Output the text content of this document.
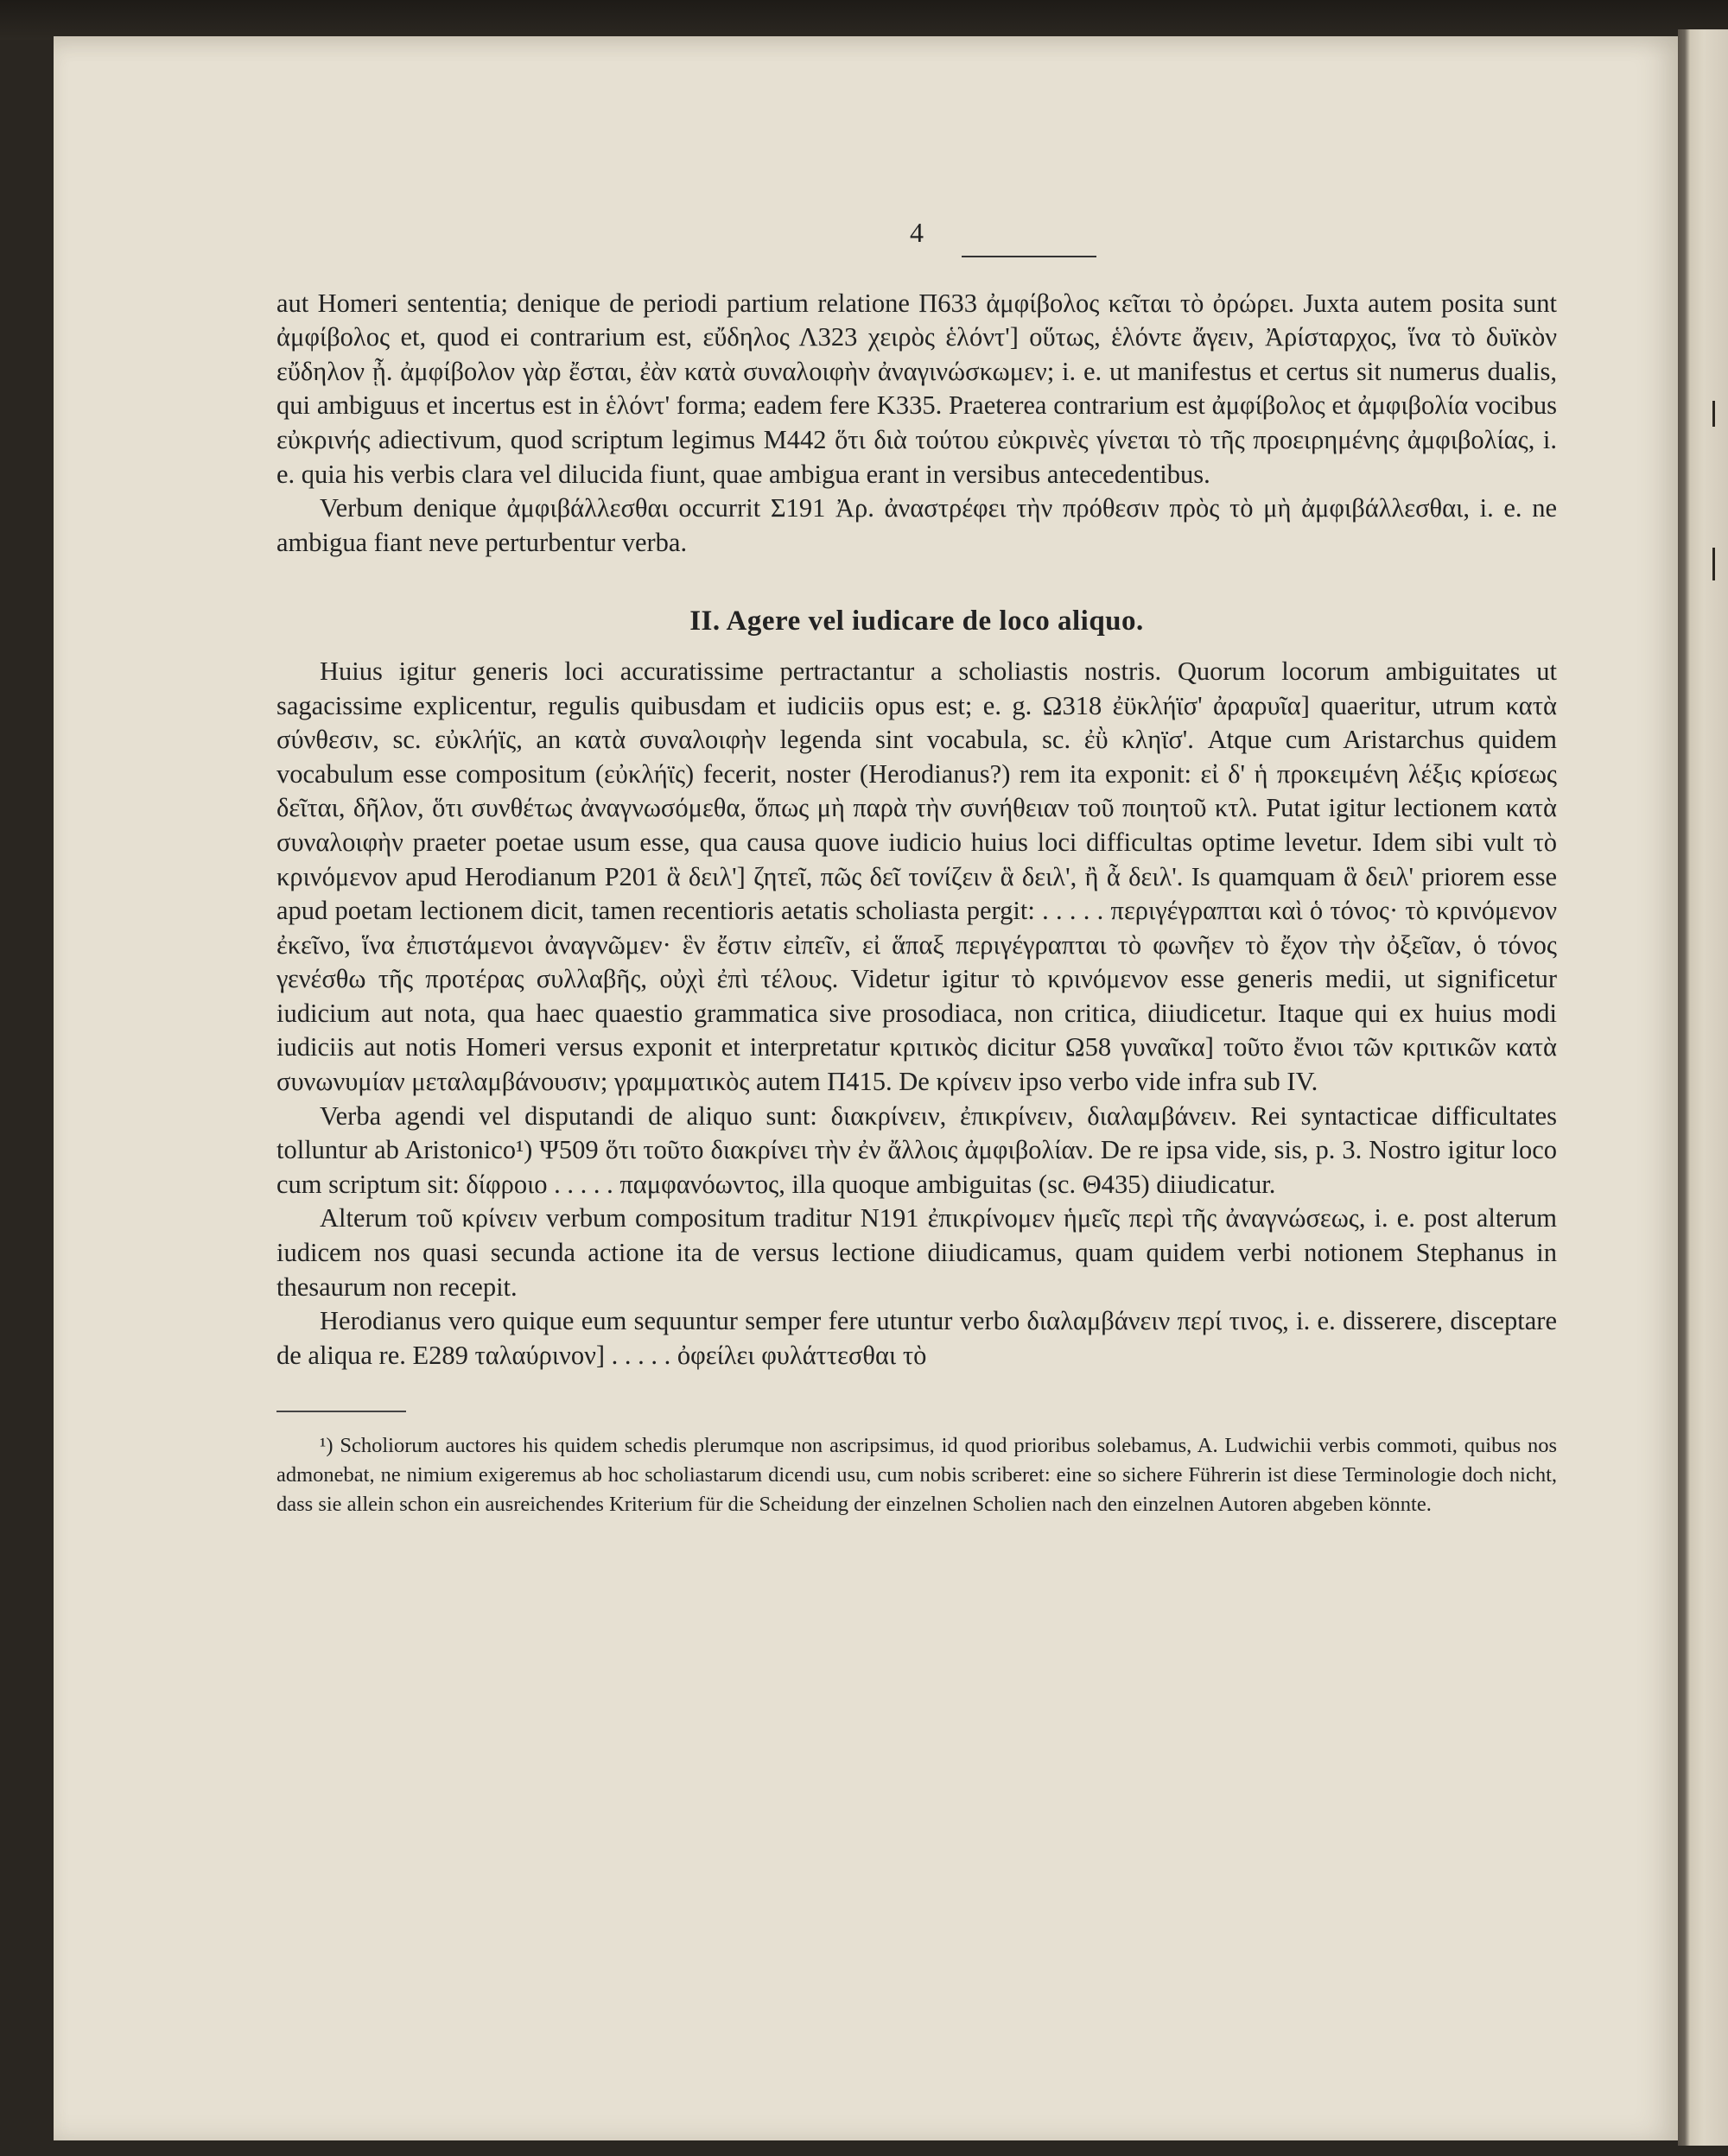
4

aut Homeri sententia; denique de periodi partium relatione Π633 ἀμφίβολος κεῖται τὸ ὀρώρει. Juxta autem posita sunt ἀμφίβολος et, quod ei contrarium est, εὔδηλος Λ323 χειρὸς ἑλόντ'] οὕτως, ἑλόντε ἄγειν, Ἀρίσταρχος, ἵνα τὸ δυϊκὸν εὔδηλον ᾖ. ἀμφίβολον γὰρ ἔσται, ἐὰν κατὰ συναλοιφὴν ἀναγινώσκωμεν; i. e. ut manifestus et certus sit numerus dualis, qui ambiguus et incertus est in ἑλόντ' forma; eadem fere K335. Praeterea contrarium est ἀμφίβολος et ἀμφιβολία vocibus εὐκρινής adiectivum, quod scriptum legimus M442 ὅτι διὰ τούτου εὐκρινὲς γίνεται τὸ τῆς προειρημένης ἀμφιβολίας, i. e. quia his verbis clara vel dilucida fiunt, quae ambigua erant in versibus antecedentibus.

Verbum denique ἀμφιβάλλεσθαι occurrit Σ191 Ἀρ. ἀναστρέφει τὴν πρόθεσιν πρὸς τὸ μὴ ἀμφιβάλλεσθαι, i. e. ne ambigua fiant neve perturbentur verba.

II. Agere vel iudicare de loco aliquo.

Huius igitur generis loci accuratissime pertractantur a scholiastis nostris. Quorum locorum ambiguitates ut sagacissime explicentur, regulis quibusdam et iudiciis opus est; e. g. Ω318 ἐϋκλήϊσ' ἀραρυῖα] quaeritur, utrum κατὰ σύνθεσιν, sc. εὐκλήϊς, an κατὰ συναλοιφὴν legenda sint vocabula, sc. ἐῢ κληϊσ'. Atque cum Aristarchus quidem vocabulum esse compositum (εὐκλήϊς) fecerit, noster (Herodianus?) rem ita exponit: εἰ δ' ἡ προκειμένη λέξις κρίσεως δεῖται, δῆλον, ὅτι συνθέτως ἀναγνωσόμεθα, ὅπως μὴ παρὰ τὴν συνήθειαν τοῦ ποιητοῦ κτλ. Putat igitur lectionem κατὰ συναλοιφὴν praeter poetae usum esse, qua causa quove iudicio huius loci difficultas optime levetur. Idem sibi vult τὸ κρινόμενον apud Herodianum P201 ἃ δειλ'] ζητεῖ, πῶς δεῖ τονίζειν ἃ δειλ', ἢ ἆ δειλ'. Is quamquam ἃ δειλ' priorem esse apud poetam lectionem dicit, tamen recentioris aetatis scholiasta pergit: . . . . . περιγέγραπται καὶ ὁ τόνος· τὸ κρινόμενον ἐκεῖνο, ἵνα ἐπιστάμενοι ἀναγνῶμεν· ἓν ἔστιν εἰπεῖν, εἰ ἅπαξ περιγέγραπται τὸ φωνῆεν τὸ ἔχον τὴν ὀξεῖαν, ὁ τόνος γενέσθω τῆς προτέρας συλλαβῆς, οὐχὶ ἐπὶ τέλους. Videtur igitur τὸ κρινόμενον esse generis medii, ut significetur iudicium aut nota, qua haec quaestio grammatica sive prosodiaca, non critica, diiudicetur. Itaque qui ex huius modi iudiciis aut notis Homeri versus exponit et interpretatur κριτικὸς dicitur Ω58 γυναῖκα] τοῦτο ἔνιοι τῶν κριτικῶν κατὰ συνωνυμίαν μεταλαμβάνουσιν; γραμματικὸς autem Π415. De κρίνειν ipso verbo vide infra sub IV.

Verba agendi vel disputandi de aliquo sunt: διακρίνειν, ἐπικρίνειν, διαλαμβάνειν. Rei syntacticae difficultates tolluntur ab Aristonico¹) Ψ509 ὅτι τοῦτο διακρίνει τὴν ἐν ἄλλοις ἀμφιβολίαν. De re ipsa vide, sis, p. 3. Nostro igitur loco cum scriptum sit: δίφροιο . . . . . παμφανόωντος, illa quoque ambiguitas (sc. Θ435) diiudicatur.

Alterum τοῦ κρίνειν verbum compositum traditur N191 ἐπικρίνομεν ἡμεῖς περὶ τῆς ἀναγνώσεως, i. e. post alterum iudicem nos quasi secunda actione ita de versus lectione diiudicamus, quam quidem verbi notionem Stephanus in thesaurum non recepit.

Herodianus vero quique eum sequuntur semper fere utuntur verbo διαλαμβάνειν περί τινος, i. e. disserere, disceptare de aliqua re. E289 ταλαύρινον] . . . . . ὀφείλει φυλάττεσθαι τὸ

¹) Scholiorum auctores his quidem schedis plerumque non ascripsimus, id quod prioribus solebamus, A. Ludwichii verbis commoti, quibus nos admonebat, ne nimium exigeremus ab hoc scholiastarum dicendi usu, cum nobis scriberet: eine so sichere Führerin ist diese Terminologie doch nicht, dass sie allein schon ein ausreichendes Kriterium für die Scheidung der einzelnen Scholien nach den einzelnen Autoren abgeben könnte.
